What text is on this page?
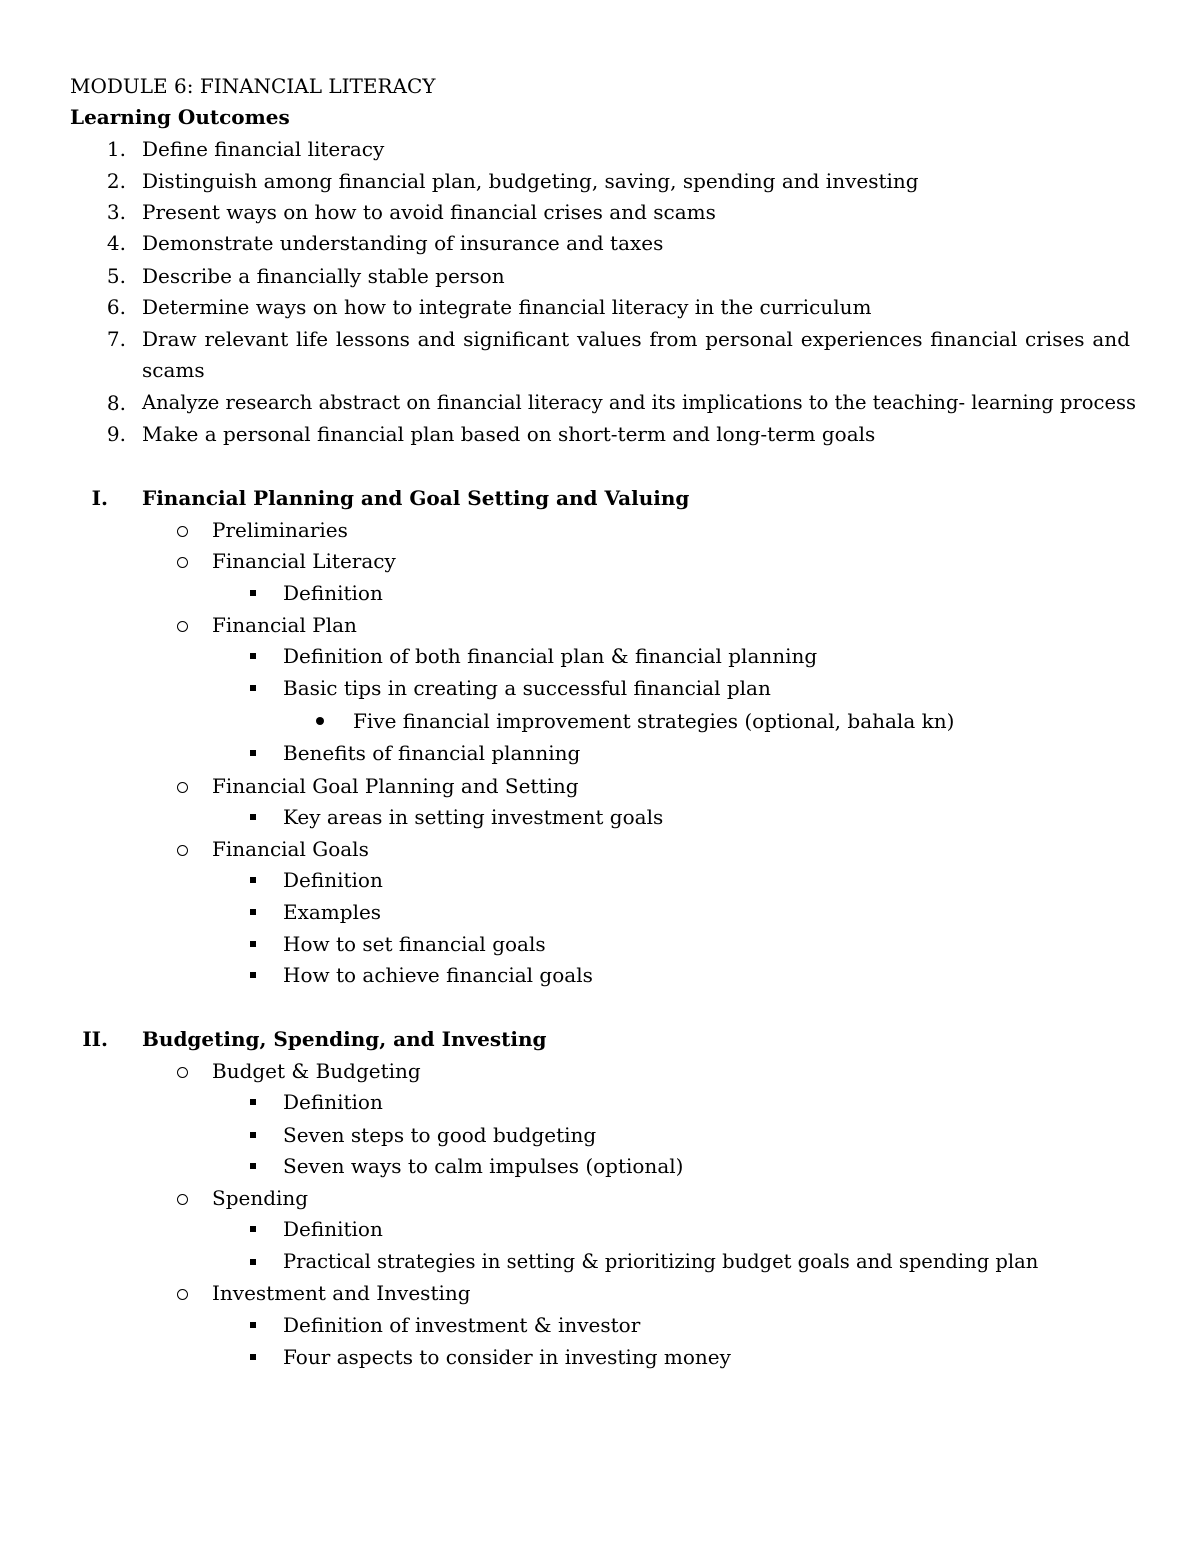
MODULE 6: FINANCIAL LITERACY
Learning Outcomes
1. Define financial literacy
2. Distinguish among financial plan, budgeting, saving, spending and investing
3. Present ways on how to avoid financial crises and scams
4. Demonstrate understanding of insurance and taxes
5. Describe a financially stable person
6. Determine ways on how to integrate financial literacy in the curriculum
7. Draw relevant life lessons and significant values from personal experiences financial crises and
scams
8. Analyze research abstract on financial literacy and its implications to the teaching- learning process
9. Make a personal financial plan based on short-term and long-term goals
I. Financial Planning and Goal Setting and Valuing
Preliminaries
Financial Literacy
Definition
Financial Plan
Definition of both financial plan & financial planning
Basic tips in creating a successful financial plan
Five financial improvement strategies (optional, bahala kn)
Benefits of financial planning
Financial Goal Planning and Setting
Key areas in setting investment goals
Financial Goals
Definition
Examples
How to set financial goals
How to achieve financial goals
II. Budgeting, Spending, and Investing
Budget & Budgeting
Definition
Seven steps to good budgeting
Seven ways to calm impulses (optional)
Spending
Definition
Practical strategies in setting & prioritizing budget goals and spending plan
Investment and Investing
Definition of investment & investor
Four aspects to consider in investing money
